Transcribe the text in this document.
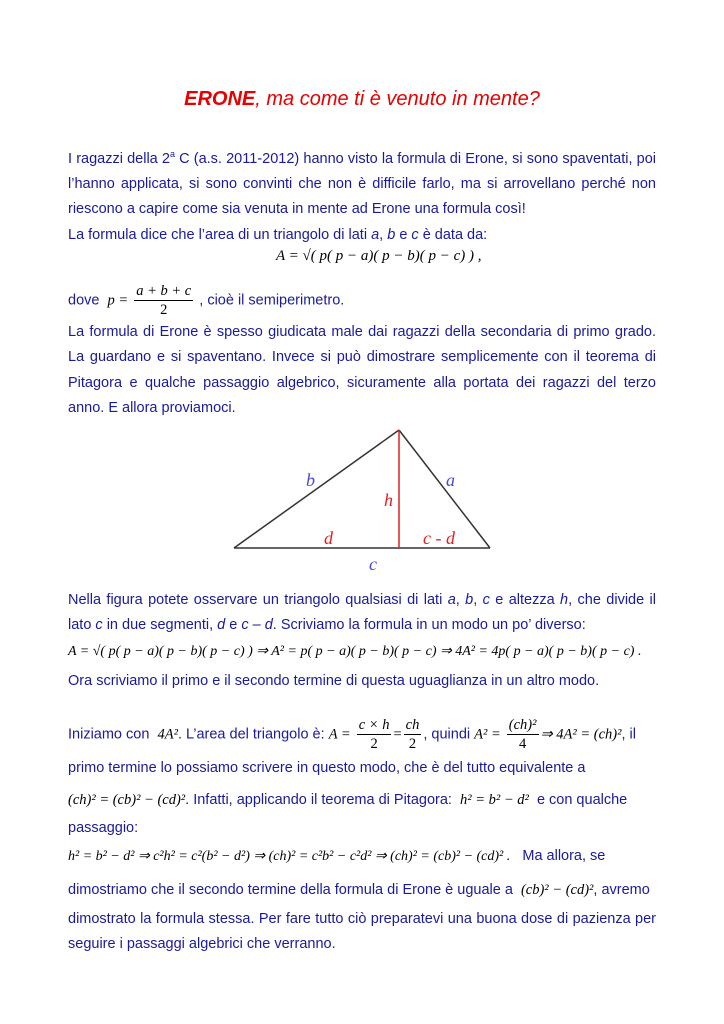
ERONE, ma come ti è venuto in mente?
I ragazzi della 2$^a$ C (a.s. 2011-2012) hanno visto la formula di Erone, si sono spaventati, poi l’hanno applicata, si sono convinti che non è difficile farlo, ma si arrovellano perché non riescono a capire come sia venuta in mente ad Erone una formula così!
La formula dice che l’area di un triangolo di lati a, b e c è data da:
A = √( p( p − a)( p − b)( p − c) ) ,
dove $p = \frac{a + b + c}{2}$ , cioè il semiperimetro.
La formula di Erone è spesso giudicata male dai ragazzi della secondaria di primo grado. La guardano e si spaventano. Invece si può dimostrare semplicemente con il teorema di Pitagora e qualche passaggio algebrico, sicuramente alla portata dei ragazzi del terzo anno. E allora proviamoci.
b	a
h
d	c - d
c
Nella figura potete osservare un triangolo qualsiasi di lati a, b, c e altezza h, che divide il lato c in due segmenti, d e c – d. Scriviamo la formula in un modo un po’ diverso:
A = √( p( p − a)( p − b)( p − c) ) ⇒ A² = p( p − a)( p − b)( p − c) ⇒ 4A² = 4p( p − a)( p − b)( p − c) .
Ora scriviamo il primo e il secondo termine di questa uguaglianza in un altro modo.
Iniziamo con 4A². L’area del triangolo è: $A = \frac{c \times h}{2} = \frac{ch}{2}$ , quindi $A^2 = \frac{\text{(ch)²}}{4}$ ⇒ 4A² = (ch)², il
primo termine lo possiamo scrivere in questo modo, che è del tutto equivalente a
(ch)² = (cb)² − (cd)². Infatti, applicando il teorema di Pitagora: h² = b² − d² e con qualche
passaggio:
h² = b² − d² ⇒ c²h² = c²(b² − d²) ⇒ (ch)² = c²b² − c²d² ⇒ (ch)² = (cb)² − (cd)² . Ma allora, se
dimostriamo che il secondo termine della formula di Erone è uguale a (cb)² − (cd)², avremo
dimostrato la formula stessa. Per fare tutto ciò preparatevi una buona dose di pazienza per seguire i passaggi algebrici che verranno.
